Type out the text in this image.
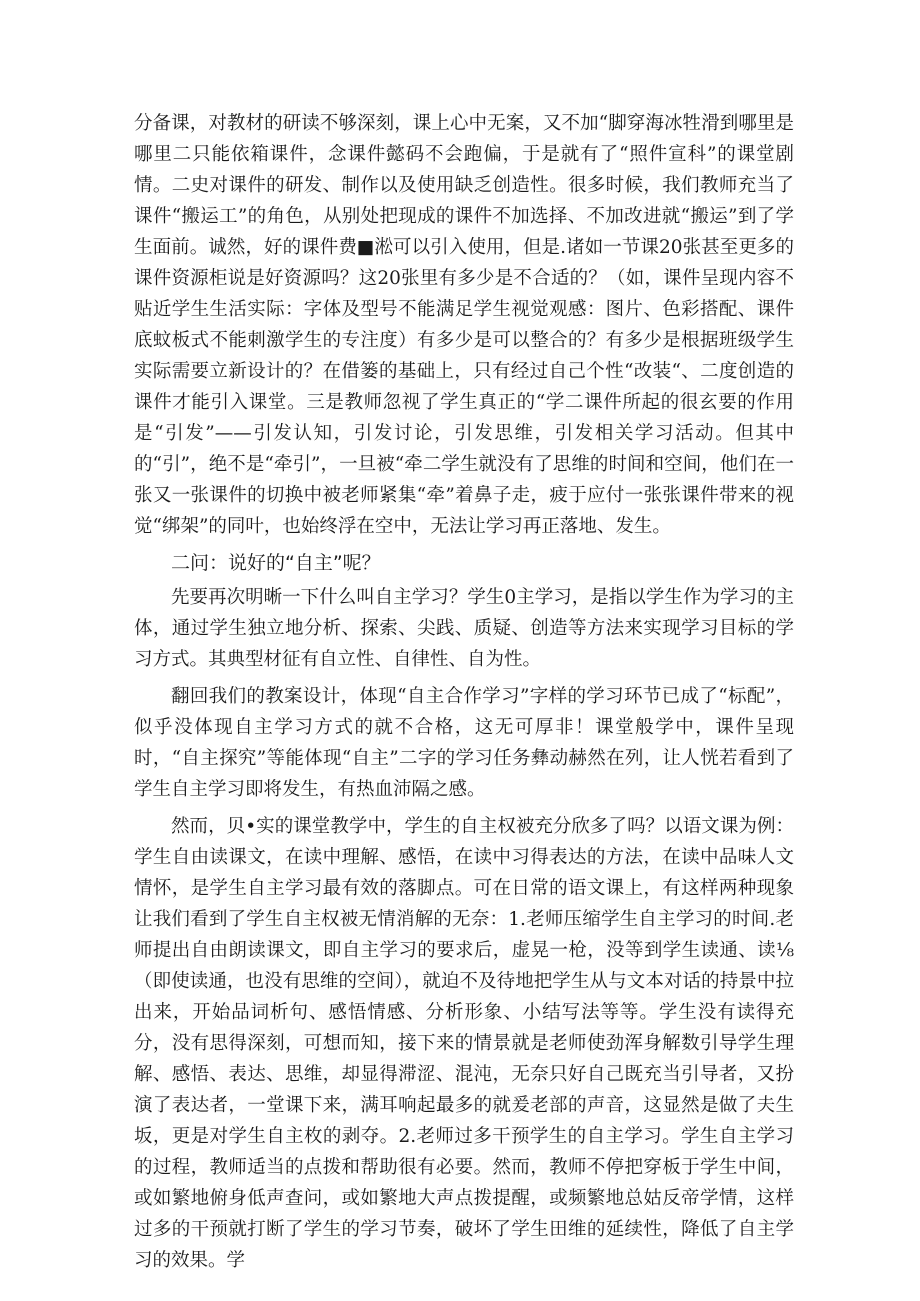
分备课，对教材的研读不够深刻，课上心中无案，又不加“脚穿海冰牲滑到哪里是哪里二只能依箱课件，念课件懿码不会跑偏，于是就有了“照件宣科”的课堂剧情。二史对课件的研发、制作以及使用缺乏创造性。很多时候，我们教师充当了课件“搬运工”的角色，从别处把现成的课件不加选择、不加改进就“搬运”到了学生面前。诚然，好的课件费■淞可以引入使用，但是.诸如一节课20张甚至更多的课件资源柜说是好资源吗？这20张里有多少是不合适的？（如，课件呈现内容不贴近学生生活实际：字体及型号不能满足学生视觉观感：图片、色彩搭配、课件底蚊板式不能刺激学生的专注度）有多少是可以整合的？有多少是根据班级学生实际需要立新设计的？在借篓的基础上，只有经过自己个性“改装“、二度创造的课件才能引入课堂。三是教师忽视了学生真正的“学二课件所起的很玄要的作用是“引发”——引发认知，引发讨论，引发思维，引发相关学习活动。但其中的“引”，绝不是“牵引”，一旦被“牵二学生就没有了思维的时间和空间，他们在一张又一张课件的切换中被老师紧集“牵”着鼻子走，疲于应付一张张课件带来的视觉“绑架”的同叶，也始终浮在空中，无法让学习再正落地、发生。

二问：说好的“自主”呢？

先要再次明晰一下什么叫自主学习？学生0主学习，是指以学生作为学习的主体，通过学生独立地分析、探索、尖践、质疑、创造等方法来实现学习目标的学习方式。其典型材征有自立性、自律性、自为性。

翻回我们的教案设计，体现“自主合作学习”字样的学习环节已成了“标配”，似乎没体现自主学习方式的就不合格，这无可厚非！课堂般学中，课件呈现时，“自主探究”等能体现“自主”二字的学习任务彝动赫然在列，让人恍若看到了学生自主学习即将发生，有热血沛隔之感。

然而，贝•实的课堂教学中，学生的自主权被充分欣多了吗？以语文课为例：学生自由读课文，在读中理解、感悟，在读中习得表达的方法，在读中品味人文情怀，是学生自主学习最有效的落脚点。可在日常的语文课上，有这样两种现象让我们看到了学生自主权被无情消解的无奈：1.老师压缩学生自主学习的时间.老师提出自由朗读课文，即自主学习的要求后，虚晃一枪，没等到学生读通、读⅛（即使读通，也没有思维的空间），就迫不及待地把学生从与文本对话的持景中拉出来，开始品词析句、感悟情感、分析形象、小结写法等等。学生没有读得充分，没有思得深刻，可想而知，接下来的情景就是老师使劲浑身解数引导学生理解、感悟、表达、思维，却显得滞涩、混沌，无奈只好自己既充当引导者，又扮演了表达者，一堂课下来，满耳响起最多的就爰老部的声音，这显然是做了夫生坂，更是对学生自主枚的剥夺。2.老师过多干预学生的自主学习。学生自主学习的过程，教师适当的点拨和帮助很有必要。然而，教师不停把穿板于学生中间，或如繁地俯身低声查问，或如繁地大声点拨提醒，或频繁地总姑反帝学情，这样过多的干预就打断了学生的学习节奏，破坏了学生田维的延续性，降低了自主学习的效果。学
